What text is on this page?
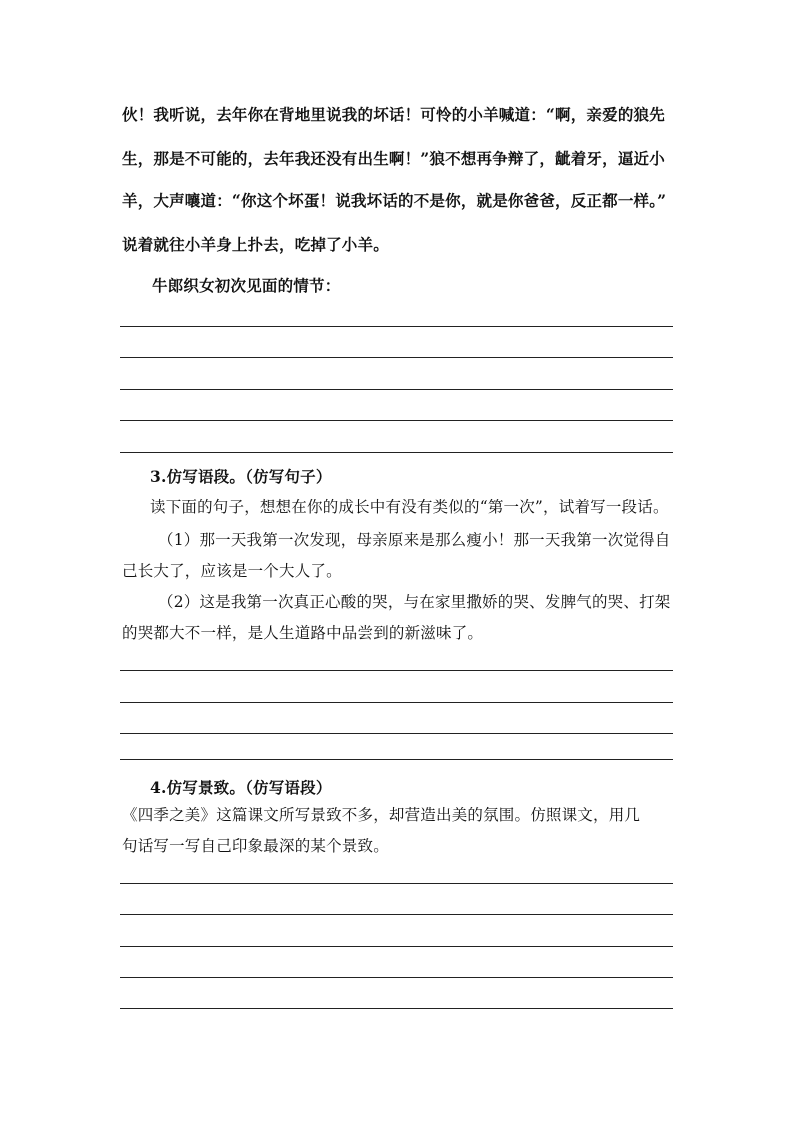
伙！我听说，去年你在背地里说我的坏话！可怜的小羊喊道：“啊，亲爱的狼先
生，那是不可能的，去年我还没有出生啊！”狼不想再争辩了，龇着牙，逼近小
羊，大声嚷道：“你这个坏蛋！说我坏话的不是你，就是你爸爸，反正都一样。”
说着就往小羊身上扑去，吃掉了小羊。
牛郎织女初次见面的情节：
3.仿写语段。（仿写句子）
读下面的句子，想想在你的成长中有没有类似的“第一次”，试着写一段话。
（1）那一天我第一次发现，母亲原来是那么瘦小！那一天我第一次觉得自
己长大了，应该是一个大人了。
（2）这是我第一次真正心酸的哭，与在家里撒娇的哭、发脾气的哭、打架
的哭都大不一样，是人生道路中品尝到的新滋味了。
4.仿写景致。（仿写语段）
《四季之美》这篇课文所写景致不多，却营造出美的氛围。仿照课文，用几
句话写一写自己印象最深的某个景致。
